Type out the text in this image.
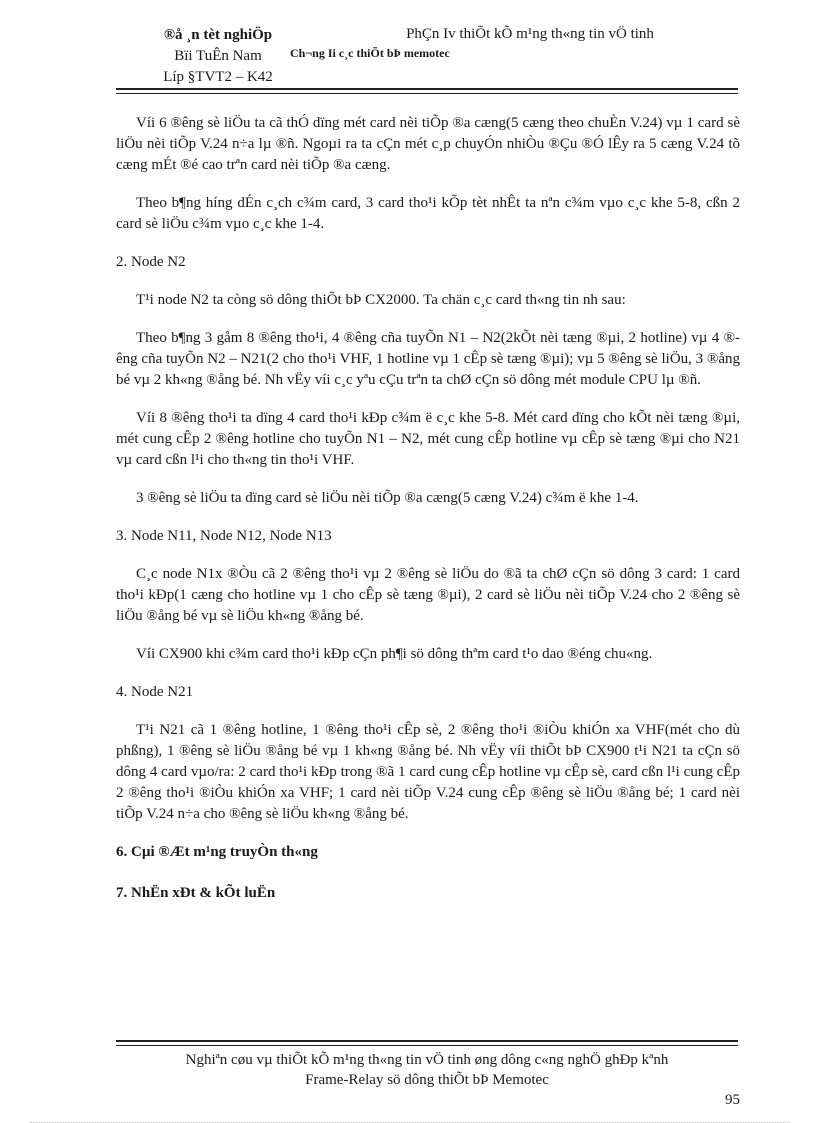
®å ¸n tèt nghiÖp
Bïi TuÊn Nam
Líp §TVT2 – K42
PhÇn Iv thiÕt kÕ m¹ng th«ng tin vÖ tinh
Ch¬ng Ii c¸c thiÕt bÞ memotec

Víi 6 ®êng sè liÖu ta cã thÓ dïng mét card nèi tiÕp ®a cæng(5 cæng theo chuÈn V.24) vµ 1 card sè liÖu nèi tiÕp V.24 n÷a lµ ®ñ. Ngoµi ra ta cÇn mét c¸p chuyÓn nhiÒu ®Çu ®Ó lÊy ra 5 cæng V.24 tõ cæng mÉt ®é cao trªn card nèi tiÕp ®a cæng.

Theo b¶ng híng dÉn c¸ch c¾m card, 3 card tho¹i kÕp tèt nhÊt ta nªn c¾m vµo c¸c khe 5-8, cßn 2 card sè liÖu c¾m vµo c¸c khe 1-4.

2. Node N2

T¹i node N2 ta còng sö dông thiÕt bÞ CX2000. Ta chän c¸c card th«ng tin nh sau:

Theo b¶ng 3 gåm 8 ®êng tho¹i, 4 ®êng cña tuyÕn N1 – N2(2kÕt nèi tæng ®µi, 2 hotline) vµ 4 ®êng cña tuyÕn N2 – N21(2 cho tho¹i VHF, 1 hotline vµ 1 cÊp sè tæng ®µi); vµ 5 ®êng sè liÖu, 3 ®ång bé vµ 2 kh«ng ®ång bé. Nh vËy víi c¸c yªu cÇu trªn ta chØ cÇn sö dông mét module CPU lµ ®ñ.

Víi 8 ®êng tho¹i ta dïng 4 card tho¹i kÐp c¾m ë c¸c khe 5-8. Mét card dïng cho kÕt nèi tæng ®µi, mét cung cÊp 2 ®êng hotline cho tuyÕn N1 – N2, mét cung cÊp hotline vµ cÊp sè tæng ®µi cho N21 vµ card cßn l¹i cho th«ng tin tho¹i VHF.

3 ®êng sè liÖu ta dïng card sè liÖu nèi tiÕp ®a cæng(5 cæng V.24) c¾m ë khe 1-4.

3. Node N11, Node N12, Node N13

C¸c node N1x ®Òu cã 2 ®êng tho¹i vµ 2 ®êng sè liÖu do ®ã ta chØ cÇn sö dông 3 card: 1 card tho¹i kÐp(1 cæng cho hotline vµ 1 cho cÊp sè tæng ®µi), 2 card sè liÖu nèi tiÕp V.24 cho 2 ®êng sè liÖu ®ång bé vµ sè liÖu kh«ng ®ång bé.

Víi CX900 khi c¾m card tho¹i kÐp cÇn ph¶i sö dông thªm card t¹o dao ®éng chu«ng.

4. Node N21

T¹i N21 cã 1 ®êng hotline, 1 ®êng tho¹i cÊp sè, 2 ®êng tho¹i ®iÒu khiÓn xa VHF(mét cho dù phßng), 1 ®êng sè liÖu ®ång bé vµ 1 kh«ng ®ång bé. Nh vËy víi thiÕt bÞ CX900 t¹i N21 ta cÇn sö dông 4 card vµo/ra: 2 card tho¹i kÐp trong ®ã 1 card cung cÊp hotline vµ cÊp sè, card cßn l¹i cung cÊp 2 ®êng tho¹i ®iÒu khiÓn xa VHF; 1 card nèi tiÕp V.24 cung cÊp ®êng sè liÖu ®ång bé; 1 card nèi tiÕp V.24 n÷a cho ®êng sè liÖu kh«ng ®ång bé.

6. Cµi ®Æt m¹ng truyÒn th«ng

7. NhËn xÐt & kÕt luËn

Nghiªn cøu vµ thiÕt kÕ m¹ng th«ng tin vÖ tinh øng dông c«ng nghÖ ghÐp kªnh
Frame-Relay sö dông thiÕt bÞ Memotec
95
